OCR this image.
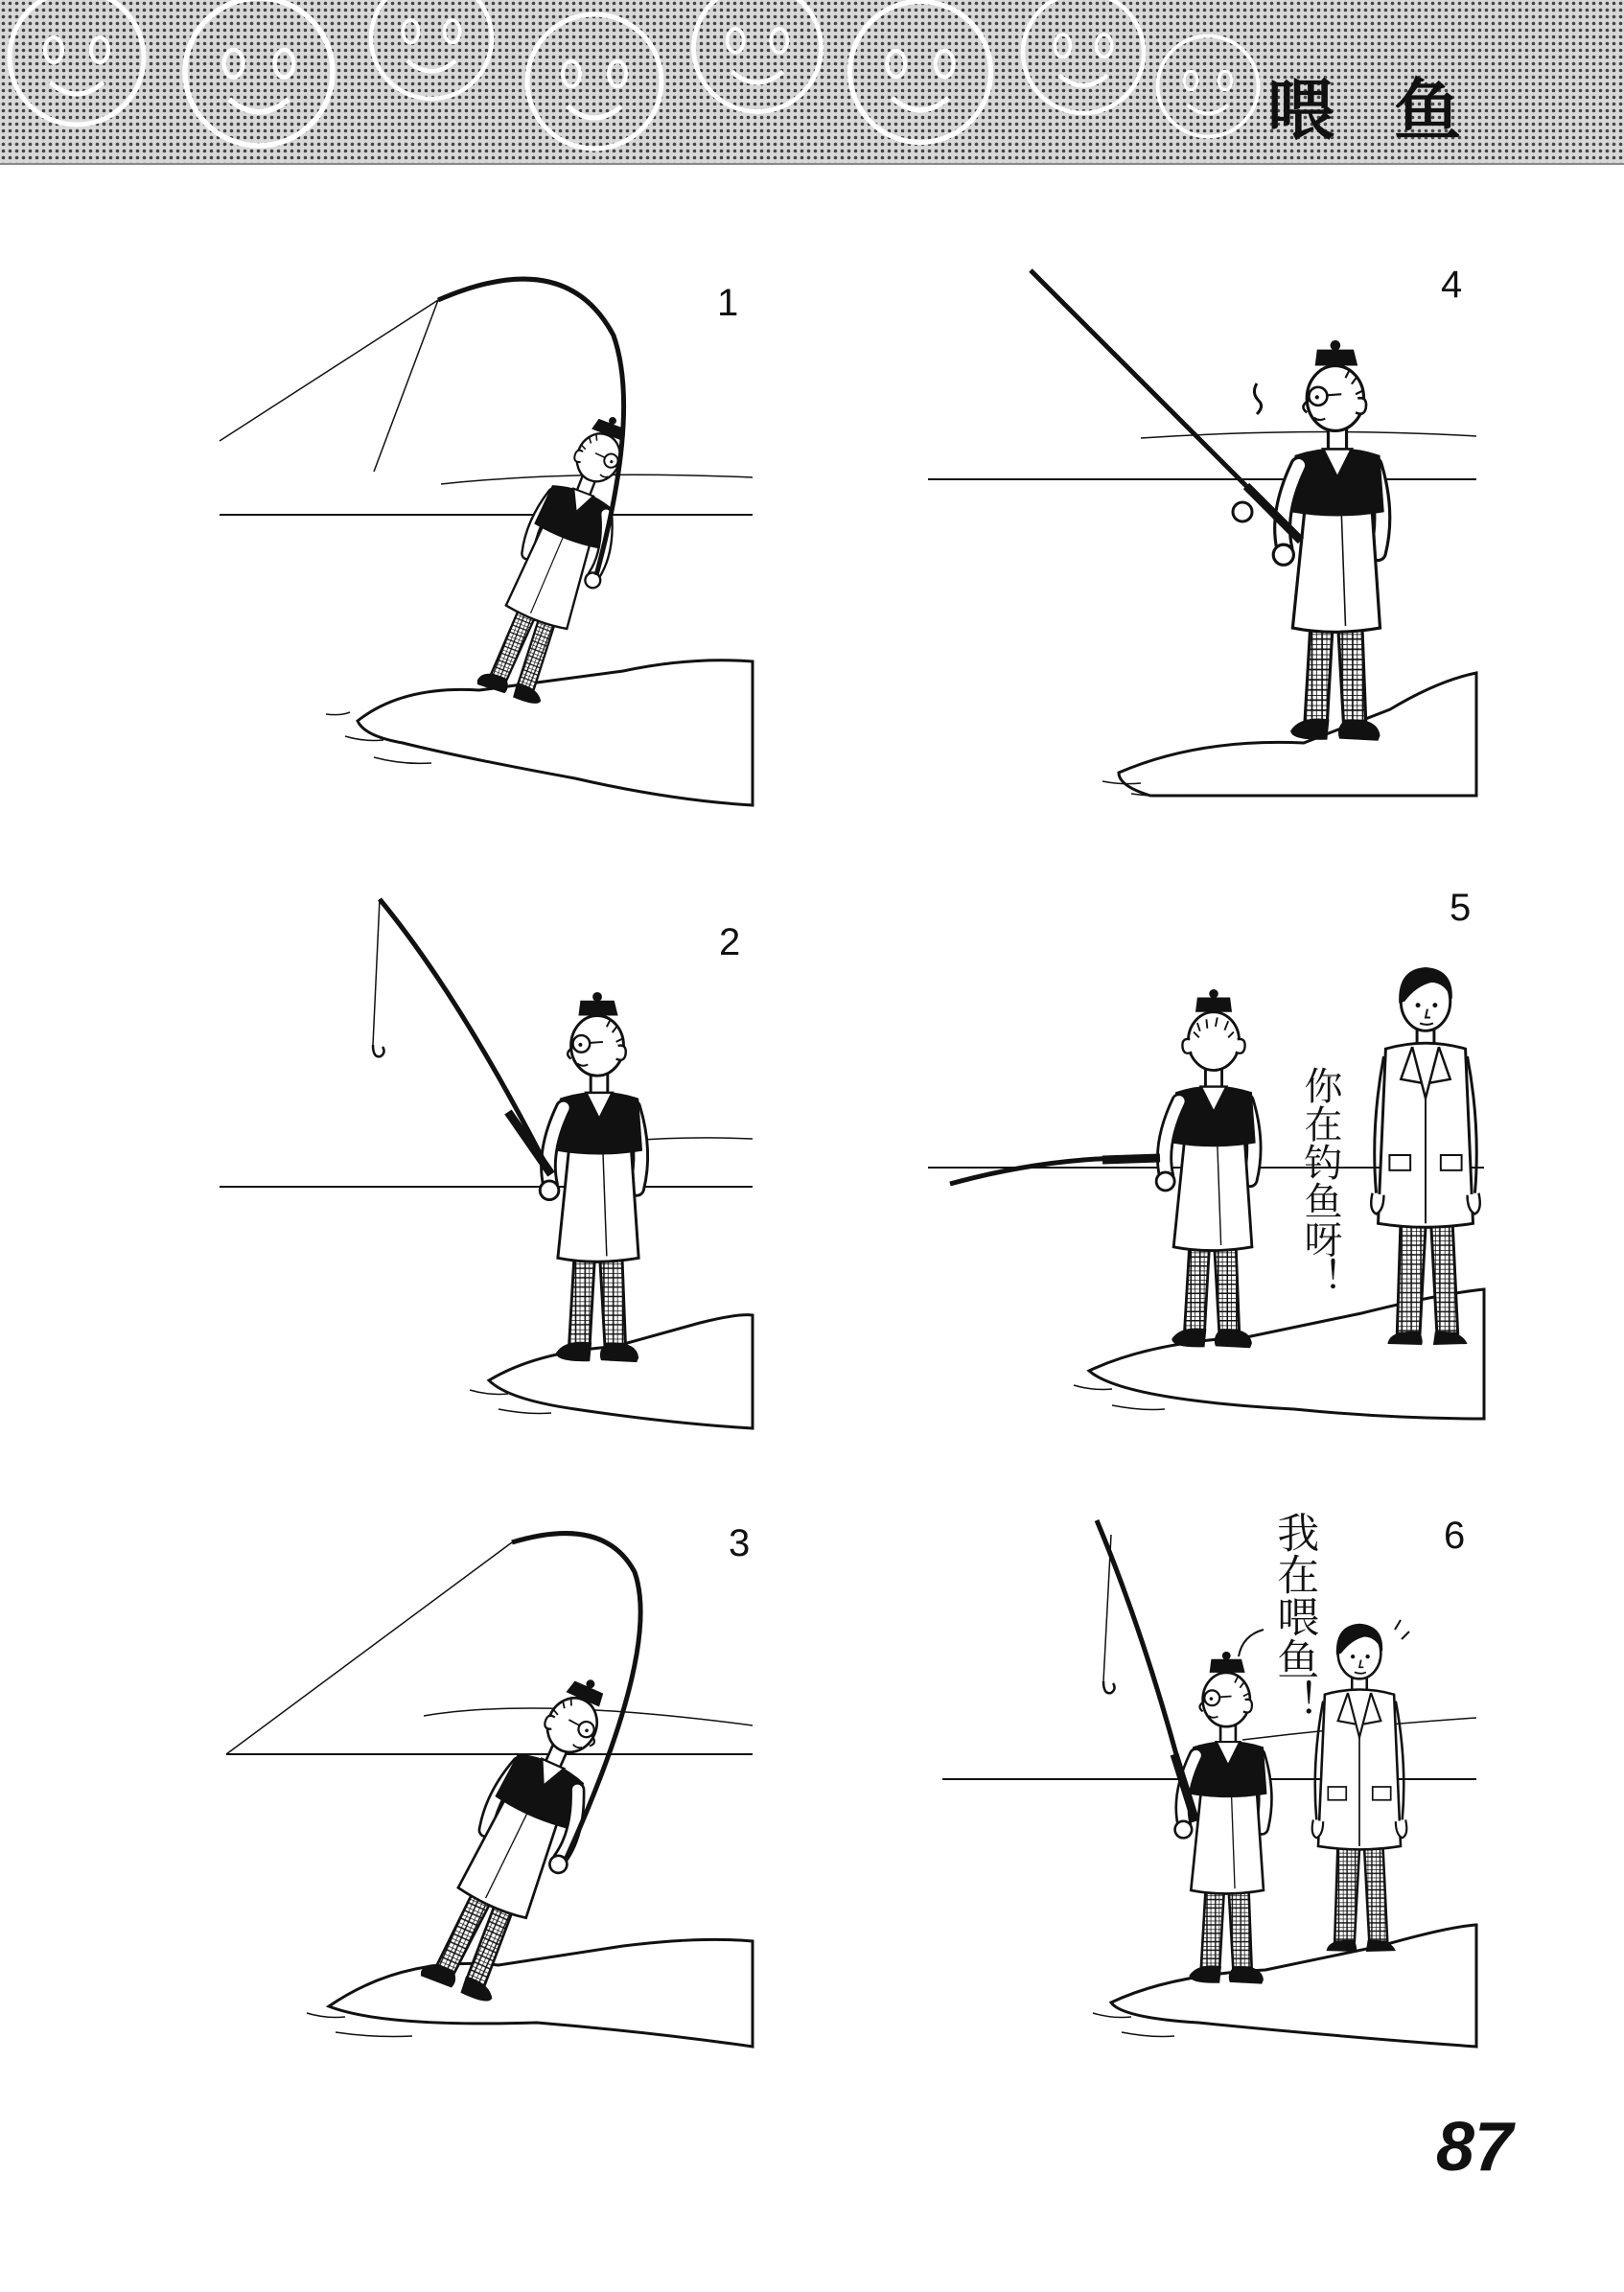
喂鱼
1
2
3
4
5
6
你在钓鱼呀！
我在喂鱼！
87
